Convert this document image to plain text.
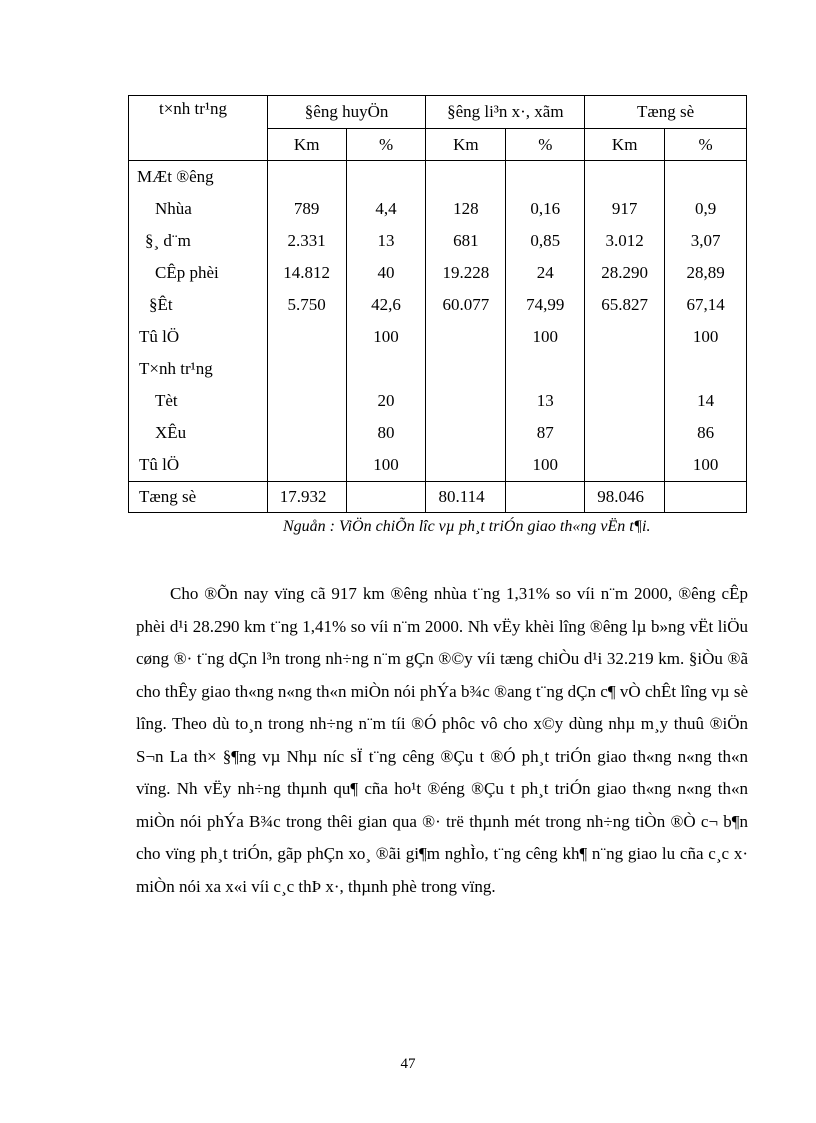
t×nh tr¹ng	§êng huyÖn		§êng li³n x·, xãm		Tæng sè	
	Km	%	Km	%	Km	%
MÆt ®êng						
Nhùa	789	4,4	128	0,16	917	0,9
§¸ d¨m	2.331	13	681	0,85	3.012	3,07
CÊp phèi	14.812	40	19.228	24	28.290	28,89
§Êt	5.750	42,6	60.077	74,99	65.827	67,14
Tû lÖ		100		100		100
T×nh tr¹ng						
Tèt		20		13		14
XÊu		80		87		86
Tû lÖ		100		100		100
Tæng sè	17.932		80.114		98.046	
Nguån : ViÖn chiÕn lîc vµ ph¸t triÓn giao th«ng vËn t¶i.

Cho ®Õn nay vïng cã 917 km ®êng nhùa t¨ng 1,31% so víi n¨m 2000, ®êng cÊp phèi d¹i 28.290 km t¨ng 1,41% so víi n¨m 2000. Nh vËy khèi lîng ®êng lµ b»ng vËt liÖu cøng ®· t¨ng dÇn l³n trong nh÷ng n¨m gÇn ®©y víi tæng chiÒu d¹i 32.219 km. §iÒu ®ã cho thÊy giao th«ng n«ng th«n miÒn nói phÝa b¾c ®ang t¨ng dÇn c¶ vÒ chÊt lîng vµ sè lîng. Theo dù to¸n trong nh÷ng n¨m tíi ®Ó phôc vô cho x©y dùng nhµ m¸y thuû ®iÖn S¬n La th× §¶ng vµ Nhµ níc sÏ t¨ng cêng ®Çu t ®Ó ph¸t triÓn giao th«ng n«ng th«n vïng. Nh vËy nh÷ng thµnh qu¶ cña ho¹t ®éng ®Çu t ph¸t triÓn giao th«ng n«ng th«n miÒn nói phÝa B¾c trong thêi gian qua ®· trë thµnh mét trong nh÷ng tiÒn ®Ò c¬ b¶n cho vïng ph¸t triÓn, gãp phÇn xo¸ ®ãi gi¶m nghÌo, t¨ng cêng kh¶ n¨ng giao lu cña c¸c x· miÒn nói xa x«i víi c¸c thÞ x·, thµnh phè trong vïng.

47
